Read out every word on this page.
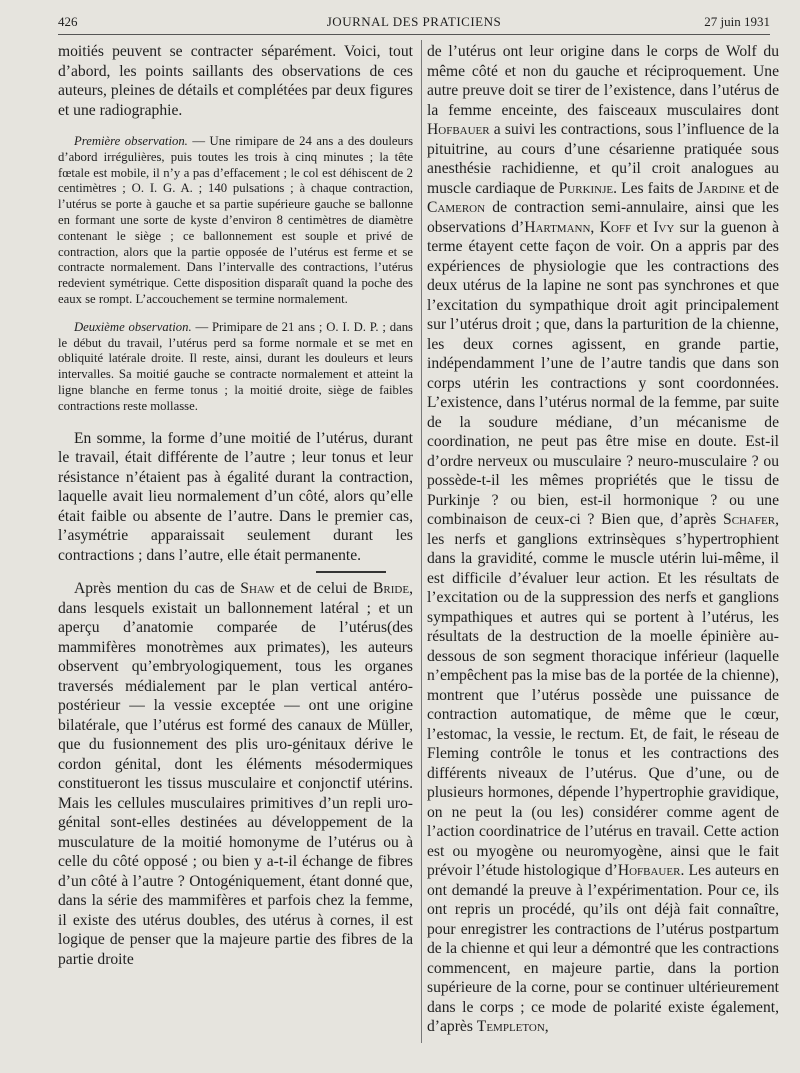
426	JOURNAL DES PRATICIENS	27 juin 1931

moitiés peuvent se contracter séparément. Voici, tout d’abord, les points saillants des observations de ces auteurs, pleines de détails et complétées par deux figures et une radiographie.

Première observation. — Une rimipare de 24 ans a des douleurs d’abord irrégulières, puis toutes les trois à cinq minutes ; la tête fœtale est mobile, il n’y a pas d’effacement ; le col est déhiscent de 2 centimètres ; O. I. G. A. ; 140 pulsations ; à chaque contraction, l’utérus se porte à gauche et sa partie supérieure gauche se ballonne en formant une sorte de kyste d’environ 8 centimètres de diamètre contenant le siège ; ce ballonnement est souple et privé de contraction, alors que la partie opposée de l’utérus est ferme et se contracte normalement. Dans l’intervalle des contractions, l’utérus redevient symétrique. Cette disposition disparaît quand la poche des eaux se rompt. L’accouchement se termine normalement.

Deuxième observation. — Primipare de 21 ans ; O. I. D. P. ; dans le début du travail, l’utérus perd sa forme normale et se met en obliquité latérale droite. Il reste, ainsi, durant les douleurs et leurs intervalles. Sa moitié gauche se contracte normalement et atteint la ligne blanche en ferme tonus ; la moitié droite, siège de faibles contractions reste mollasse.

En somme, la forme d’une moitié de l’utérus, durant le travail, était différente de l’autre ; leur tonus et leur résistance n’étaient pas à égalité durant la contraction, laquelle avait lieu normalement d’un côté, alors qu’elle était faible ou absente de l’autre. Dans le premier cas, l’asymétrie apparaissait seulement durant les contractions ; dans l’autre, elle était permanente.

Après mention du cas de Shaw et de celui de Bride, dans lesquels existait un ballonnement latéral ; et un aperçu d’anatomie comparée de l’utérus(des mammifères monotrèmes aux primates), les auteurs observent qu’embryologiquement, tous les organes traversés médialement par le plan vertical antéro-postérieur — la vessie exceptée — ont une origine bilatérale, que l’utérus est formé des canaux de Müller, que du fusionnement des plis uro-génitaux dérive le cordon génital, dont les éléments mésodermiques constitueront les tissus musculaire et conjonctif utérins. Mais les cellules musculaires primitives d’un repli uro-génital sont-elles destinées au développement de la musculature de la moitié homonyme de l’utérus ou à celle du côté opposé ; ou bien y a-t-il échange de fibres d’un côté à l’autre ? Ontogéniquement, étant donné que, dans la série des mammifères et parfois chez la femme, il existe des utérus doubles, des utérus à cornes, il est logique de penser que la majeure partie des fibres de la partie droite

de l’utérus ont leur origine dans le corps de Wolf du même côté et non du gauche et réciproquement. Une autre preuve doit se tirer de l’existence, dans l’utérus de la femme enceinte, des faisceaux musculaires dont Hofbauer a suivi les contractions, sous l’influence de la pituitrine, au cours d’une césarienne pratiquée sous anesthésie rachidienne, et qu’il croit analogues au muscle cardiaque de Purkinje. Les faits de Jardine et de Cameron de contraction semi-annulaire, ainsi que les observations d’Hartmann, Koff et Ivy sur la guenon à terme étayent cette façon de voir. On a appris par des expériences de physiologie que les contractions des deux utérus de la lapine ne sont pas synchrones et que l’excitation du sympathique droit agit principalement sur l’utérus droit ; que, dans la parturition de la chienne, les deux cornes agissent, en grande partie, indépendamment l’une de l’autre tandis que dans son corps utérin les contractions y sont coordonnées. L’existence, dans l’utérus normal de la femme, par suite de la soudure médiane, d’un mécanisme de coordination, ne peut pas être mise en doute. Est-il d’ordre nerveux ou musculaire ? neuro-musculaire ? ou possède-t-il les mêmes propriétés que le tissu de Purkinje ? ou bien, est-il hormonique ? ou une combinaison de ceux-ci ? Bien que, d’après Schafer, les nerfs et ganglions extrinsèques s’hypertrophient dans la gravidité, comme le muscle utérin lui-même, il est difficile d’évaluer leur action. Et les résultats de l’excitation ou de la suppression des nerfs et ganglions sympathiques et autres qui se portent à l’utérus, les résultats de la destruction de la moelle épinière au-dessous de son segment thoracique inférieur (laquelle n’empêchent pas la mise bas de la portée de la chienne), montrent que l’utérus possède une puissance de contraction automatique, de même que le cœur, l’estomac, la vessie, le rectum. Et, de fait, le réseau de Fleming contrôle le tonus et les contractions des différents niveaux de l’utérus. Que d’une, ou de plusieurs hormones, dépende l’hypertrophie gravidique, on ne peut la (ou les) considérer comme agent de l’action coordinatrice de l’utérus en travail. Cette action est ou myogène ou neuromyogène, ainsi que le fait prévoir l’étude histologique d’Hofbauer. Les auteurs en ont demandé la preuve à l’expérimentation. Pour ce, ils ont repris un procédé, qu’ils ont déjà fait connaître, pour enregistrer les contractions de l’utérus postpartum de la chienne et qui leur a démontré que les contractions commencent, en majeure partie, dans la portion supérieure de la corne, pour se continuer ultérieurement dans le corps ; ce mode de polarité existe également, d’après Templeton,
